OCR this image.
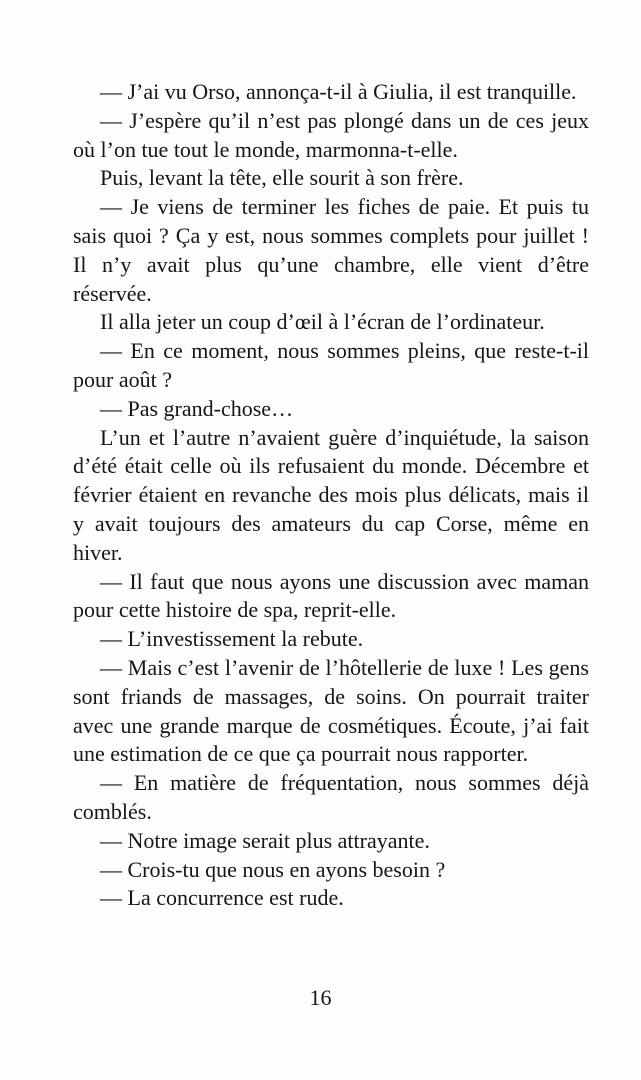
— J’ai vu Orso, annonça-t-il à Giulia, il est tranquille.

— J’espère qu’il n’est pas plongé dans un de ces jeux où l’on tue tout le monde, marmonna-t-elle.

Puis, levant la tête, elle sourit à son frère.

— Je viens de terminer les fiches de paie. Et puis tu sais quoi ? Ça y est, nous sommes complets pour juillet ! Il n’y avait plus qu’une chambre, elle vient d’être réservée.

Il alla jeter un coup d’œil à l’écran de l’ordinateur.

— En ce moment, nous sommes pleins, que reste-t-il pour août ?

— Pas grand-chose…

L’un et l’autre n’avaient guère d’inquiétude, la saison d’été était celle où ils refusaient du monde. Décembre et février étaient en revanche des mois plus délicats, mais il y avait toujours des amateurs du cap Corse, même en hiver.

— Il faut que nous ayons une discussion avec maman pour cette histoire de spa, reprit-elle.

— L’investissement la rebute.

— Mais c’est l’avenir de l’hôtellerie de luxe ! Les gens sont friands de massages, de soins. On pourrait traiter avec une grande marque de cosmétiques. Écoute, j’ai fait une estimation de ce que ça pourrait nous rapporter.

— En matière de fréquentation, nous sommes déjà comblés.

— Notre image serait plus attrayante.

— Crois-tu que nous en ayons besoin ?

— La concurrence est rude.

16
